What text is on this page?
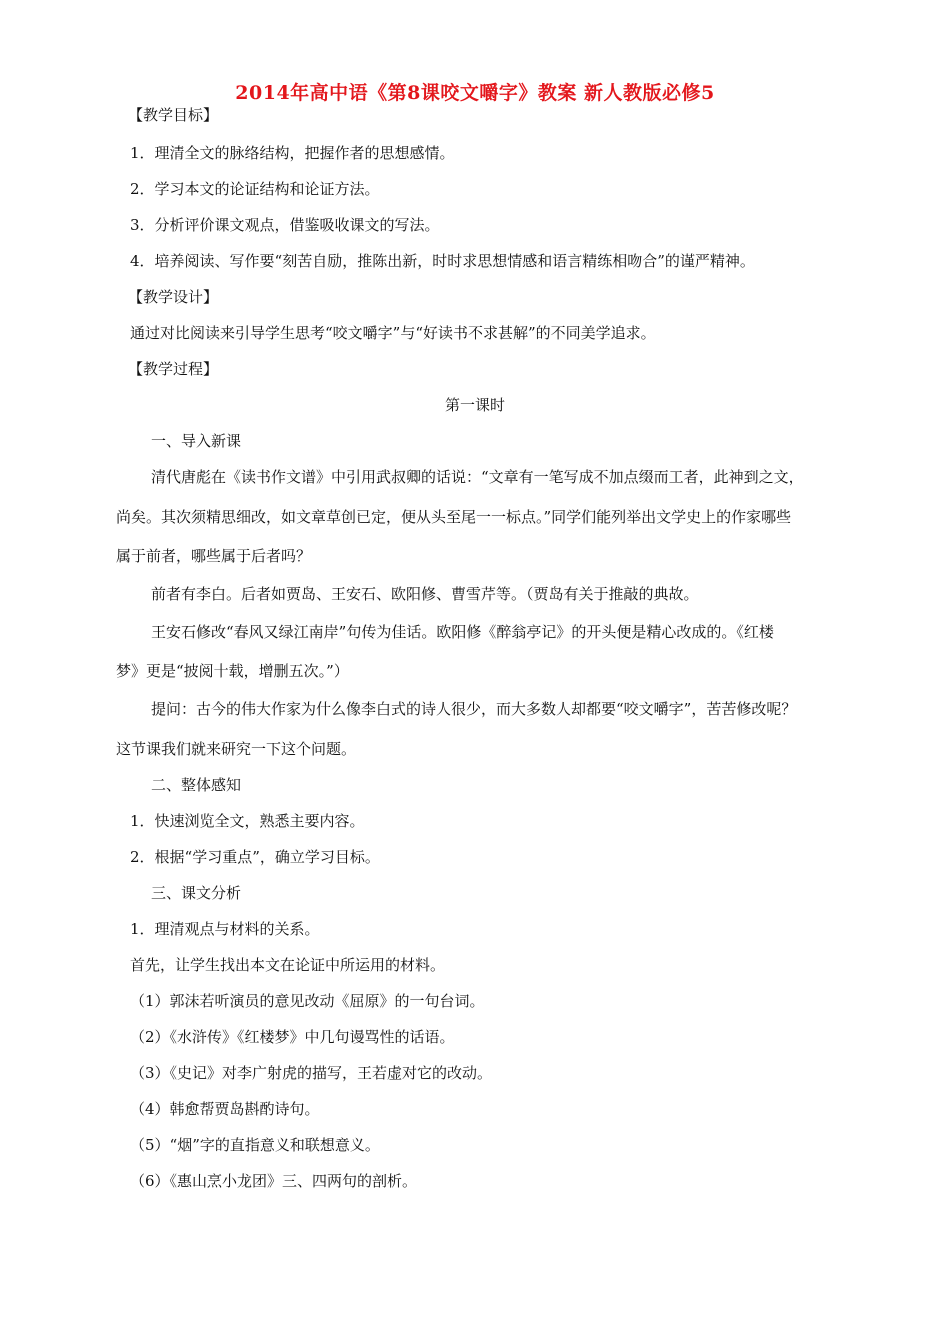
2014年高中语《第8课咬文嚼字》教案 新人教版必修5
【教学目标】
1．理清全文的脉络结构，把握作者的思想感情。
2．学习本文的论证结构和论证方法。
3．分析评价课文观点，借鉴吸收课文的写法。
4．培养阅读、写作要“刻苦自励，推陈出新，时时求思想情感和语言精练相吻合”的谨严精神。
【教学设计】
通过对比阅读来引导学生思考“咬文嚼字”与“好读书不求甚解”的不同美学追求。
【教学过程】
第一课时
一、导入新课
清代唐彪在《读书作文谱》中引用武叔卿的话说：“文章有一笔写成不加点缀而工者，此神到之文，
尚矣。其次须精思细改，如文章草创已定，便从头至尾一一标点。”同学们能列举出文学史上的作家哪些
属于前者，哪些属于后者吗？
前者有李白。后者如贾岛、王安石、欧阳修、曹雪芹等。（贾岛有关于推敲的典故。
王安石修改“春风又绿江南岸”句传为佳话。欧阳修《醉翁亭记》的开头便是精心改成的。《红楼
梦》更是“披阅十载，增删五次。”）
提问：古今的伟大作家为什么像李白式的诗人很少，而大多数人却都要“咬文嚼字”，苦苦修改呢？
这节课我们就来研究一下这个问题。
二、整体感知
1．快速浏览全文，熟悉主要内容。
2．根据“学习重点”，确立学习目标。
三、课文分析
1．理清观点与材料的关系。
首先，让学生找出本文在论证中所运用的材料。
（1）郭沫若听演员的意见改动《屈原》的一句台词。
（2）《水浒传》《红楼梦》中几句谩骂性的话语。
（3）《史记》对李广射虎的描写，王若虚对它的改动。
（4）韩愈帮贾岛斟酌诗句。
（5）“烟”字的直指意义和联想意义。
（6）《惠山烹小龙团》三、四两句的剖析。
